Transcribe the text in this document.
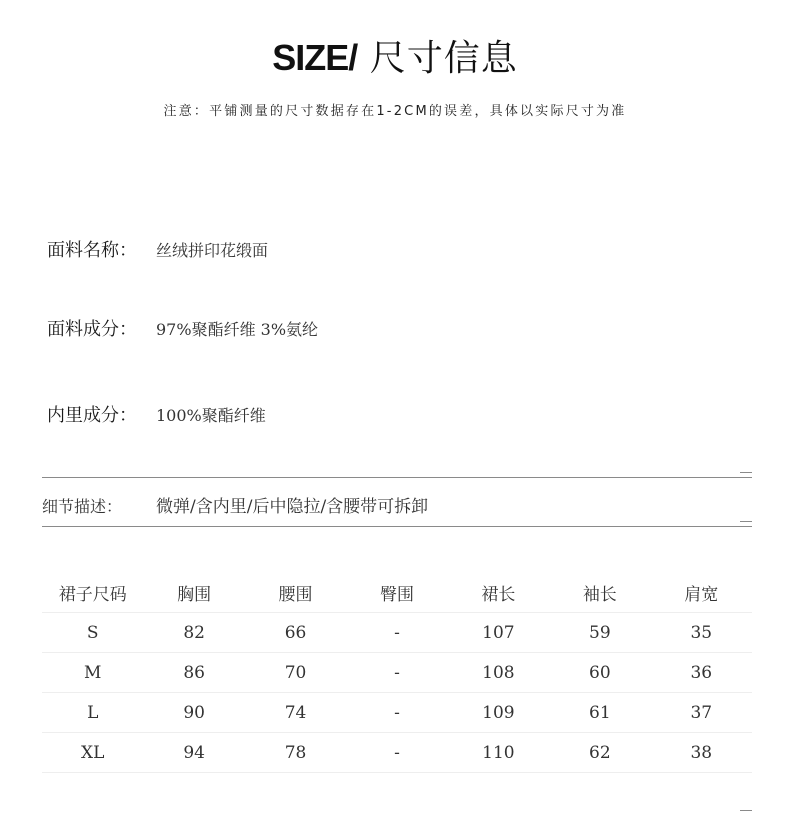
SIZE/ 尺寸信息
注意：平铺测量的尺寸数据存在1-2CM的误差，具体以实际尺寸为准
面料名称：	丝绒拼印花缎面
面料成分：	97%聚酯纤维 3%氨纶
内里成分：	100%聚酯纤维
细节描述：	微弹/含内里/后中隐拉/含腰带可拆卸
裙子尺码	胸围	腰围	臀围	裙长	袖长	肩宽
S	82	66	-	107	59	35
M	86	70	-	108	60	36
L	90	74	-	109	61	37
XL	94	78	-	110	62	38
